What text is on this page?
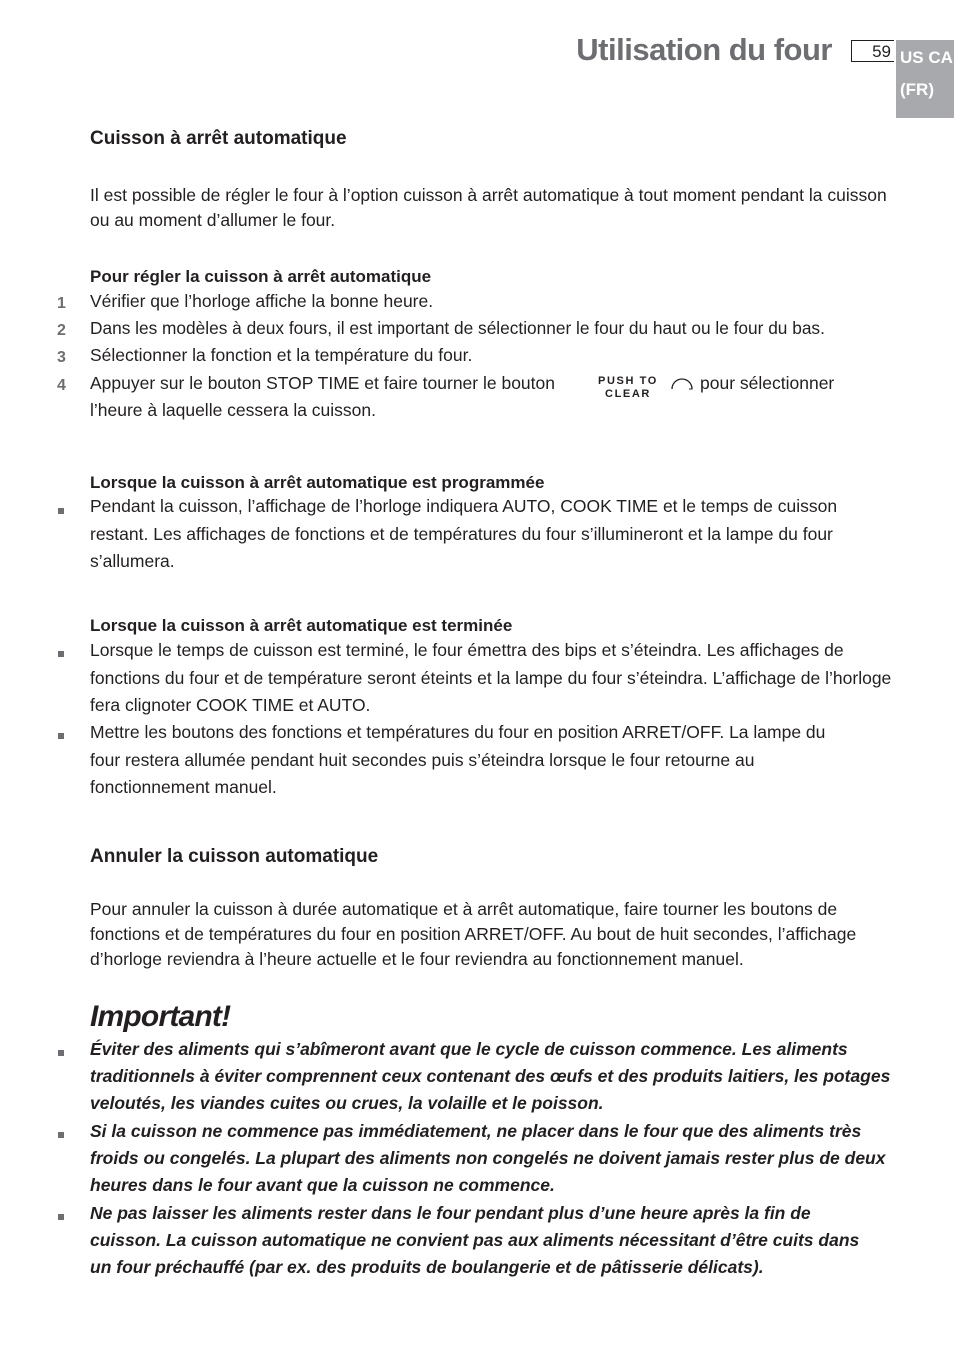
Utilisation du four	59 US CA
(FR)
Cuisson à arrêt automatique
Il est possible de régler le four à l’option cuisson à arrêt automatique à tout moment pendant la cuisson ou au moment d’allumer le four.
Pour régler la cuisson à arrêt automatique
1 Vérifier que l’horloge affiche la bonne heure.
2 Dans les modèles à deux fours, il est important de sélectionner le four du haut ou le four du bas.
3 Sélectionner la fonction et la température du four.
4 Appuyer sur le bouton STOP TIME et faire tourner le bouton	PUSH TO
CLEAR
pour sélectionner
l’heure à laquelle cessera la cuisson.
Lorsque la cuisson à arrêt automatique est programmée
Pendant la cuisson, l’affichage de l’horloge indiquera AUTO, COOK TIME et le temps de cuisson restant. Les affichages de fonctions et de températures du four s’illumineront et la lampe du four s’allumera.
Lorsque la cuisson à arrêt automatique est terminée
Lorsque le temps de cuisson est terminé, le four émettra des bips et s’éteindra. Les affichages de fonctions du four et de température seront éteints et la lampe du four s’éteindra. L’affichage de l’horloge fera clignoter COOK TIME et AUTO.
Mettre les boutons des fonctions et températures du four en position ARRET/OFF. La lampe du four restera allumée pendant huit secondes puis s’éteindra lorsque le four retourne au fonctionnement manuel.
Annuler la cuisson automatique
Pour annuler la cuisson à durée automatique et à arrêt automatique, faire tourner les boutons de fonctions et de températures du four en position ARRET/OFF. Au bout de huit secondes, l’affichage d’horloge reviendra à l’heure actuelle et le four reviendra au fonctionnement manuel.
Important!
Éviter des aliments qui s’abîmeront avant que le cycle de cuisson commence. Les aliments traditionnels à éviter comprennent ceux contenant des œufs et des produits laitiers, les potages veloutés, les viandes cuites ou crues, la volaille et le poisson.
Si la cuisson ne commence pas immédiatement, ne placer dans le four que des aliments très froids ou congelés. La plupart des aliments non congelés ne doivent jamais rester plus de deux heures dans le four avant que la cuisson ne commence.
Ne pas laisser les aliments rester dans le four pendant plus d’une heure après la fin de cuisson. La cuisson automatique ne convient pas aux aliments nécessitant d’être cuits dans un four préchauffé (par ex. des produits de boulangerie et de pâtisserie délicats).
